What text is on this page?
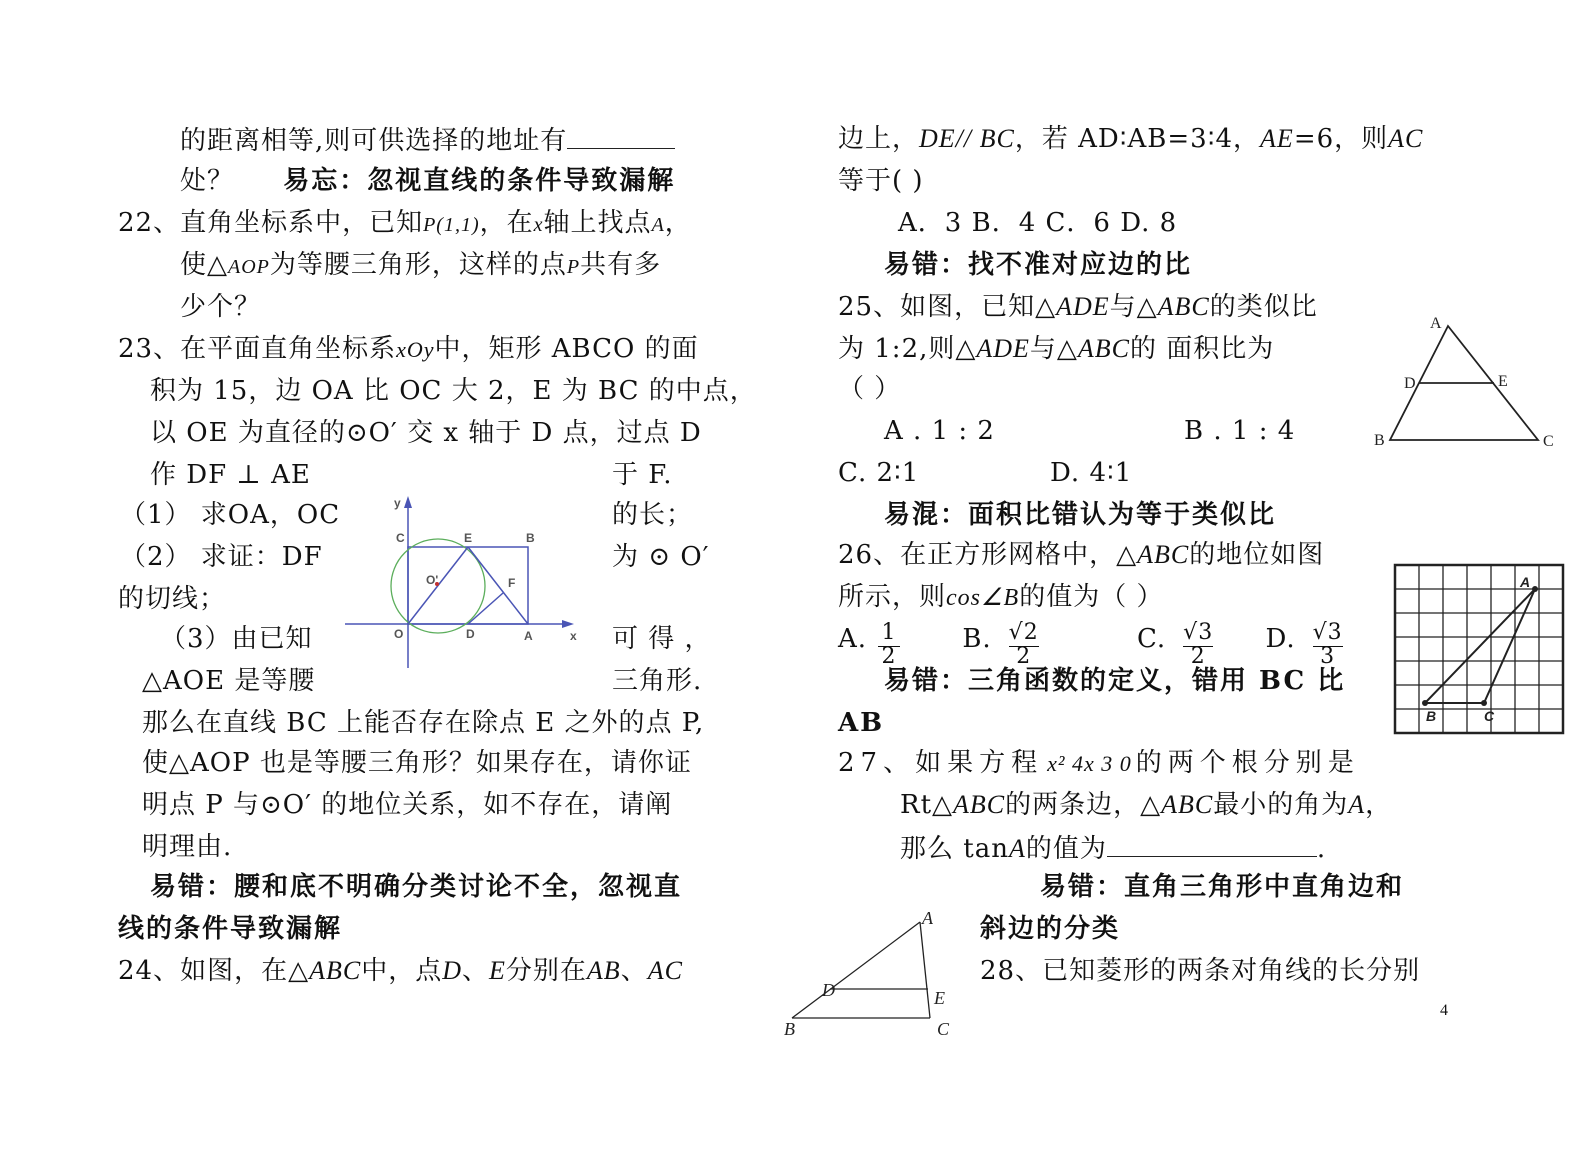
的距离相等,则可供选择的地址有
处？ 易忘：忽视直线的条件导致漏解
22、直角坐标系中，已知P(1,1)，在x轴上找点A，
使△AOP为等腰三角形，这样的点P共有多
少个？
23、在平面直角坐标系xOy中，矩形 ABCO 的面
积为 15，边 OA 比 OC 大 2，E 为 BC 的中点，
以 OE 为直径的⊙O′ 交 x 轴于 D 点，过点 D
作 DF ⊥ AE	于 F.
（1） 求OA，OC	的长；
（2） 求证：DF	为 ⊙ O′
的切线；
（3）由已知	可 得 ，
△AOE 是等腰	三角形.
那么在直线 BC 上能否存在除点 E 之外的点 P,
使△AOP 也是等腰三角形？如果存在，请你证
明点 P 与⊙O′ 的地位关系，如不存在，请阐
明理由.
易错：腰和底不明确分类讨论不全，忽视直
线的条件导致漏解
24、如图，在△ABC中，点D、E分别在AB、AC
y
C	E	B
O'	F
O	D	A	x
边上，DE// BC，若 AD∶AB=3∶4，AE=6，则AC
等于( )
A．3 B．4 C．6 D. 8
易错：找不准对应边的比
25、如图，已知△ADE与△ABC的类似比
为 1:2,则△ADE与△ABC的 面积比为
（ ）
A . 1 : 2	B . 1 : 4
C. 2∶1	D. 4∶1
易混：面积比错认为等于类似比
26、在正方形网格中，△ABC的地位如图
所示，则cos∠B的值为（ ）
A. 1
2
B. √2
2
C. √3
2
D. √3
3
易错：三角函数的定义，错用 BC 比
AB
27、如果方程 x² 4x 3 0 的两个根分别是
Rt△ABC的两条边，△ABC最小的角为A，
那么 tanA的值为	.
易错：直角三角形中直角边和
斜边的分类
28、已知菱形的两条对角线的长分别
A
D	E
B	C
A
B	C
A
D	E
B	C
4
